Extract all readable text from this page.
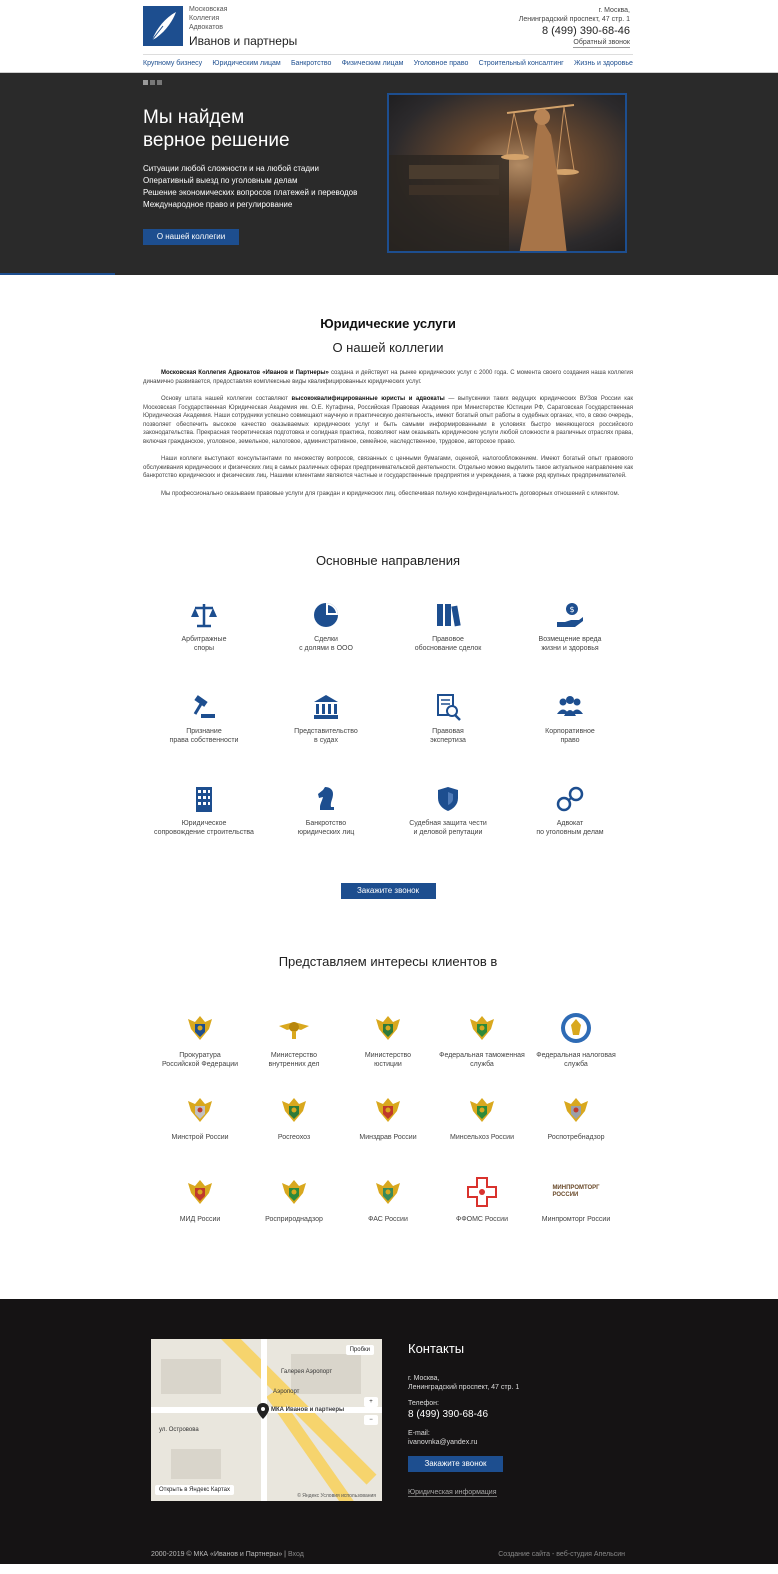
Московская
Коллегия
Адвокатов
Иванов и партнеры
г. Москва,
Ленинградский проспект, 47 стр. 1
8 (499) 390-68-46
Обратный звонок
Крупному бизнесу Юридическим лицам Банкротство Физическим лицам Уголовное право Строительный консалтинг Жизнь и здоровье
Мы найдем
верное решение
Ситуации любой сложности и на любой стадии
Оперативный выезд по уголовным делам
Решение экономических вопросов платежей и переводов
Международное право и регулирование
О нашей коллегии
Юридические услуги
О нашей коллегии

Московская Коллегия Адвокатов «Иванов и Партнеры» создана и действует на рынке юридических услуг с 2000 года. С момента своего создания наша коллегия динамично развивается, предоставляя комплексные виды квалифицированных юридических услуг.

Основу штата нашей коллегии составляют высококвалифицированные юристы и адвокаты — выпускники таких ведущих юридических ВУЗов России как Московская Государственная Юридическая Академия им. О.Е. Кутафина, Российская Правовая Академия при Министерстве Юстиции РФ, Саратовская Государственная Юридическая Академия. Наши сотрудники успешно совмещают научную и практическую деятельность, имеют богатый опыт работы в судебных органах, что, в свою очередь, позволяет обеспечить высокое качество оказываемых юридических услуг и быть самыми информированными в условиях быстро меняющегося российского законодательства. Прекрасная теоретическая подготовка и солидная практика, позволяют нам оказывать юридические услуги любой сложности в различных отраслях права, включая гражданское, уголовное, земельное, налоговое, административное, семейное, наследственное, трудовое, авторское право.

Наши коллеги выступают консультантами по множеству вопросов, связанных с ценными бумагами, оценкой, налогообложением. Имеют богатый опыт правового обслуживания юридических и физических лиц в самых различных сферах предпринимательской деятельности. Отдельно можно выделить такое актуальное направление как банкротство юридических и физических лиц. Нашими клиентами являются частные и государственные предприятия и учреждения, а также ряд крупных предпринимателей.

Мы профессионально оказываем правовые услуги для граждан и юридических лиц, обеспечивая полную конфиденциальность договорных отношений с клиентом.

Основные направления
Арбитражные
споры
Сделки
с долями в ООО
Правовое
обоснование сделок
$
Возмещение вреда
жизни и здоровья
Признание
права собственности
Представительство
в судах
Правовая
экспертиза
Корпоративное
право
Юридическое
сопровождение строительства
Банкротство
юридических лиц
Судебная защита чести
и деловой репутации
Адвокат
по уголовным делам
Закажите звонок
Представляем интересы клиентов в
Прокуратура
Российской Федерации
Министерство
внутренних дел
Министерство
юстиции
Федеральная таможенная
служба
Федеральная налоговая
служба
Минстрой России	Росгеохоз	Минздрав России	Минсельхоз России	Роспотребнадзор
МИД России	Росприроднадзор	ФАС России	ФФОМС России
МИНПРОМТОРГ
РОССИИ
Минпромторг России
Галерея Аэропорт
Аэропорт
ул. Островова
МКА Иванов и партнеры
Пробки
+
−
Открыть в Яндекс Картах
© Яндекс Условия использования
Контакты
г. Москва,
Ленинградский проспект, 47 стр. 1
Телефон:
8 (499) 390-68-46
E-mail:
ivanovnka@yandex.ru
Закажите звонок
Юридическая информация
2000-2019 © МКА «Иванов и Партнеры» | Вход	Создание сайта - веб-студия Апельсин
